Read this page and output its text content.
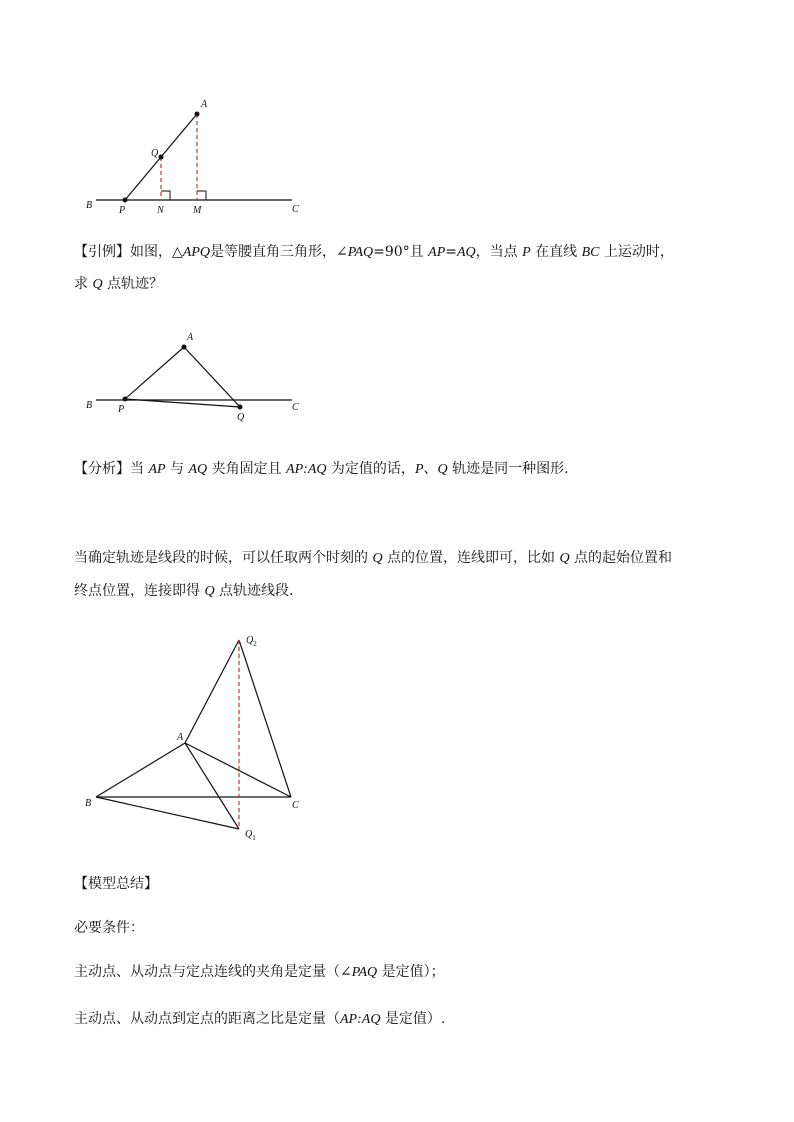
A
Q
B	P	N	M	C
【引例】如图，△APQ是等腰直角三角形，∠PAQ=90°且 AP=AQ，当点 P 在直线 BC 上运动时，
求 Q 点轨迹？
A
B	P
Q
C
【分析】当 AP 与 AQ 夹角固定且 AP:AQ 为定值的话，P、Q 轨迹是同一种图形.
当确定轨迹是线段的时候，可以任取两个时刻的 Q 点的位置，连线即可，比如 Q 点的起始位置和
终点位置，连接即得 Q 点轨迹线段.
$Q_2$
A
B	C
$Q_1$
【模型总结】
必要条件：
主动点、从动点与定点连线的夹角是定量（∠PAQ 是定值）；
主动点、从动点到定点的距离之比是定量（AP:AQ 是定值）.
